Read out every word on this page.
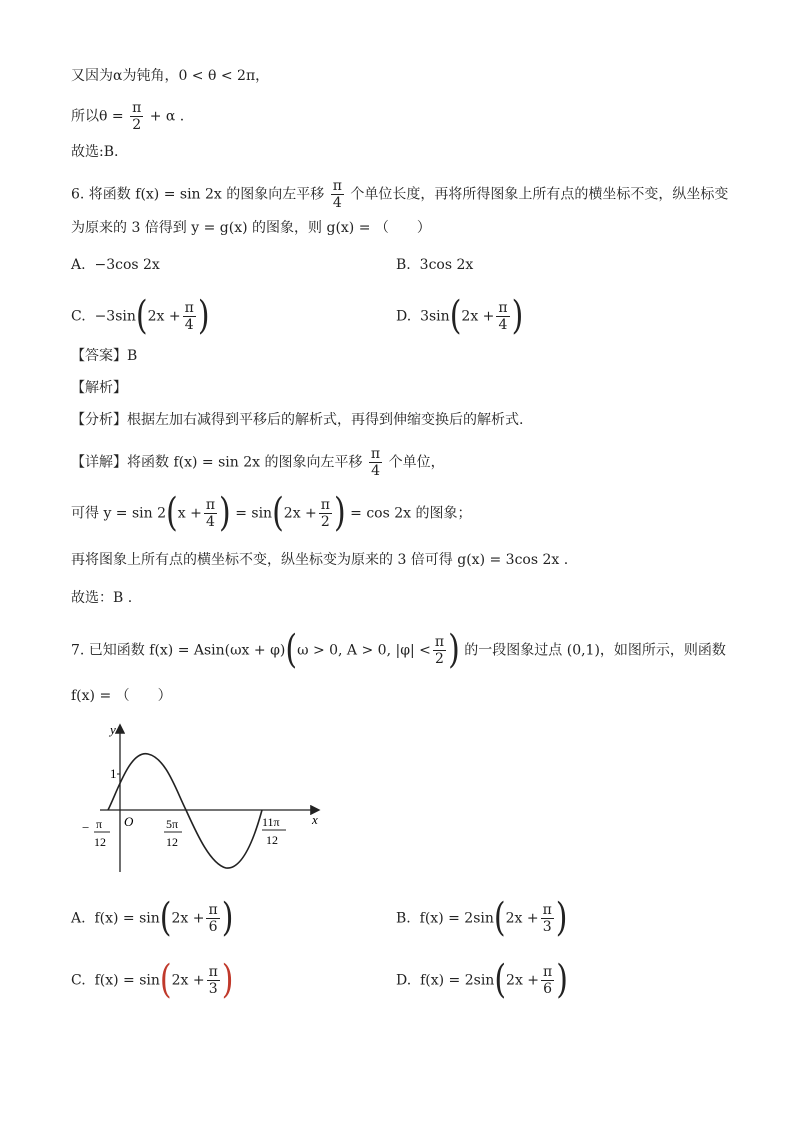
又因为α为钝角，0 < θ < 2π，
所以$\theta = \frac{\pi}{2} + \alpha$ .
故选:B.
6. 将函数 f(x) = sin 2x 的图象向左平移 $\frac{\pi}{4}$ 个单位长度，再将所得图象上所有点的横坐标不变，纵坐标变
为原来的 3 倍得到 y = g(x) 的图象，则 g(x) = （　　）
A. −3cos 2x	B. 3cos 2x
C. $-3\sin(2x + \frac{\pi}{4}$ )	D. $3\sin(2x + \frac{\pi}{4}$ )
【答案】B
【解析】
【分析】根据左加右减得到平移后的解析式，再得到伸缩变换后的解析式.
【详解】将函数 f(x) = sin 2x 的图象向左平移 $\frac{\pi}{4}$ 个单位，
可得 $y = \sin 2(x + \frac{\pi}{4}$ ) = $\sin(2x + \frac{\pi}{2}$ ) = cos 2x 的图象；
再将图象上所有点的横坐标不变，纵坐标变为原来的 3 倍可得 g(x) = 3cos 2x .
故选：B .
7. 已知函数 f(x) = Asin(ωx + φ)(ω > 0, A > 0, $|\varphi| < \frac{\pi}{2}$ ) 的一段图象过点 (0,1)，如图所示，则函数
f(x) = （　　）
y
x
O
1
− π
12
5π
12
11π
12
A. $f(x) = \sin(2x + \frac{\pi}{6}$ )	B. $f(x) = 2\sin(2x + \frac{\pi}{3}$ )
C. $f(x) = \sin(2x + \frac{\pi}{3}$ )	D. $f(x) = 2\sin(2x + \frac{\pi}{6}$ )
